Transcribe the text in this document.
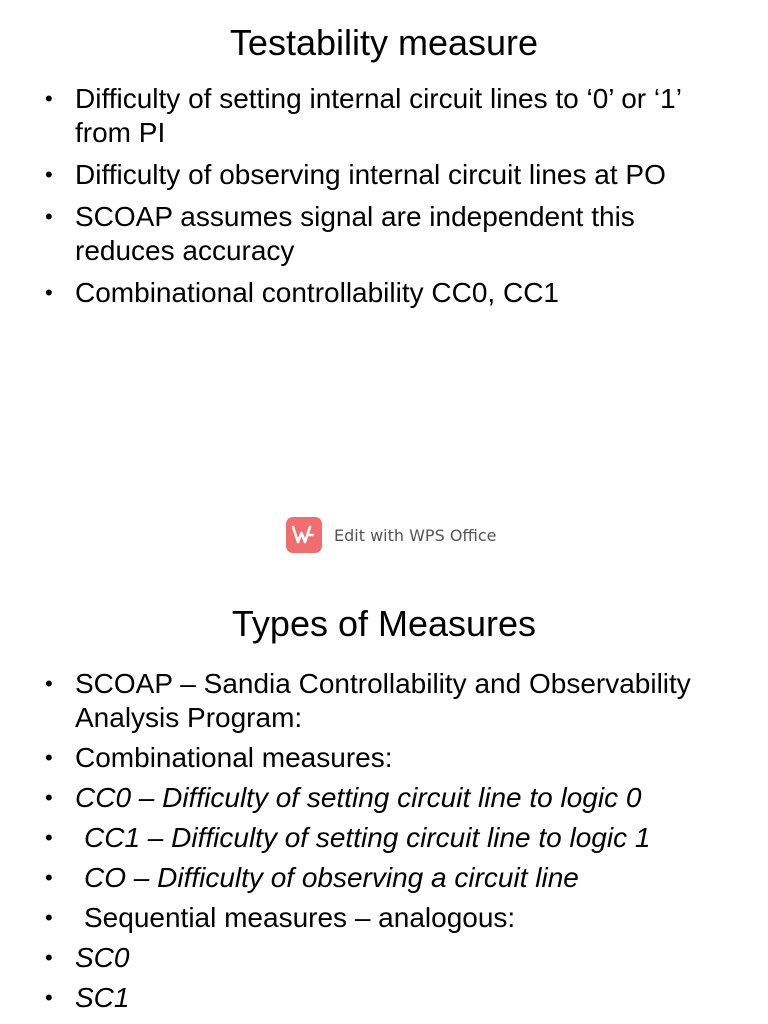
Testability measure
• Difficulty of setting internal circuit lines to ‘0’ or ‘1’ from PI
• Difficulty of observing internal circuit lines at PO
• SCOAP assumes signal are independent this reduces accuracy
• Combinational controllability CC0, CC1
Edit with WPS Office
Types of Measures
• SCOAP – Sandia Controllability and Observability Analysis Program:
• Combinational measures:
• CC0 – Difficulty of setting circuit line to logic 0
• CC1 – Difficulty of setting circuit line to logic 1
• CO – Difficulty of observing a circuit line
• Sequential measures – analogous:
• SC0
• SC1
